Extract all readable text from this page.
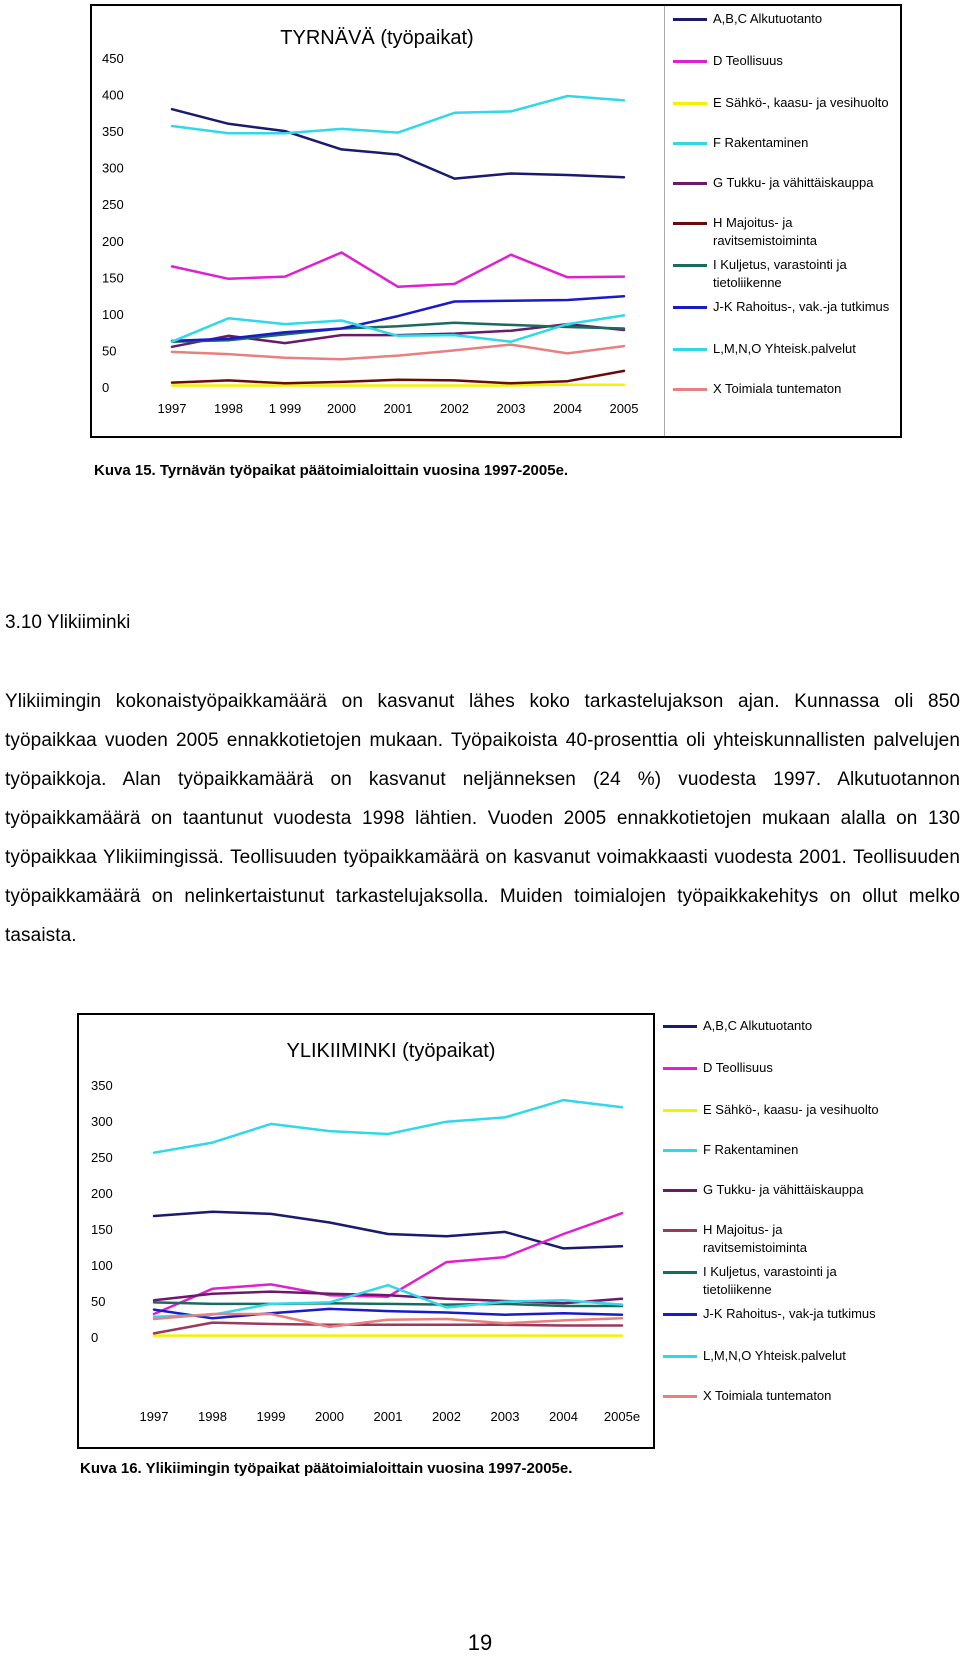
TYRNÄVÄ (työpaikat)
0
50
100
150
200
250
300
350
400
450
1997 1998 1 999 2000 2001 2002 2003 2004 2005
A,B,C Alkutuotanto
D Teollisuus
E Sähkö-, kaasu- ja vesihuolto
F Rakentaminen
G Tukku- ja vähittäiskauppa
H Majoitus- ja ravitsemistoiminta
I Kuljetus, varastointi ja tietoliikenne
J-K Rahoitus-, vak.-ja tutkimus
L,M,N,O Yhteisk.palvelut
X Toimiala tuntematon
Kuva 15. Tyrnävän työpaikat päätoimialoittain vuosina 1997-2005e.
3.10 Ylikiiminki
Ylikiimingin kokonaistyöpaikkamäärä on kasvanut lähes koko tarkastelujakson ajan. Kunnassa oli 850 työpaikkaa vuoden 2005 ennakkotietojen mukaan. Työpaikoista 40-prosenttia oli yhteiskunnallisten palvelujen työpaikkoja. Alan työpaikkamäärä on kasvanut neljänneksen (24 %) vuodesta 1997. Alkutuotannon työpaikkamäärä on taantunut vuodesta 1998 lähtien. Vuoden 2005 ennakkotietojen mukaan alalla on 130 työpaikkaa Ylikiimingissä. Teollisuuden työpaikkamäärä on kasvanut voimakkaasti vuodesta 2001. Teollisuuden työpaikkamäärä on nelinkertaistunut tarkastelujaksolla. Muiden toimialojen työpaikkakehitys on ollut melko tasaista.
YLIKIIMINKI (työpaikat)
0
50
100
150
200
250
300
350
1997 1998 1999 2000 2001 2002 2003 2004 2005e
A,B,C Alkutuotanto
D Teollisuus
E Sähkö-, kaasu- ja vesihuolto
F Rakentaminen
G Tukku- ja vähittäiskauppa
H Majoitus- ja ravitsemistoiminta
I Kuljetus, varastointi ja tietoliikenne
J-K Rahoitus-, vak-ja tutkimus
L,M,N,O Yhteisk.palvelut
X Toimiala tuntematon
Kuva 16. Ylikiimingin työpaikat päätoimialoittain vuosina 1997-2005e.
19
